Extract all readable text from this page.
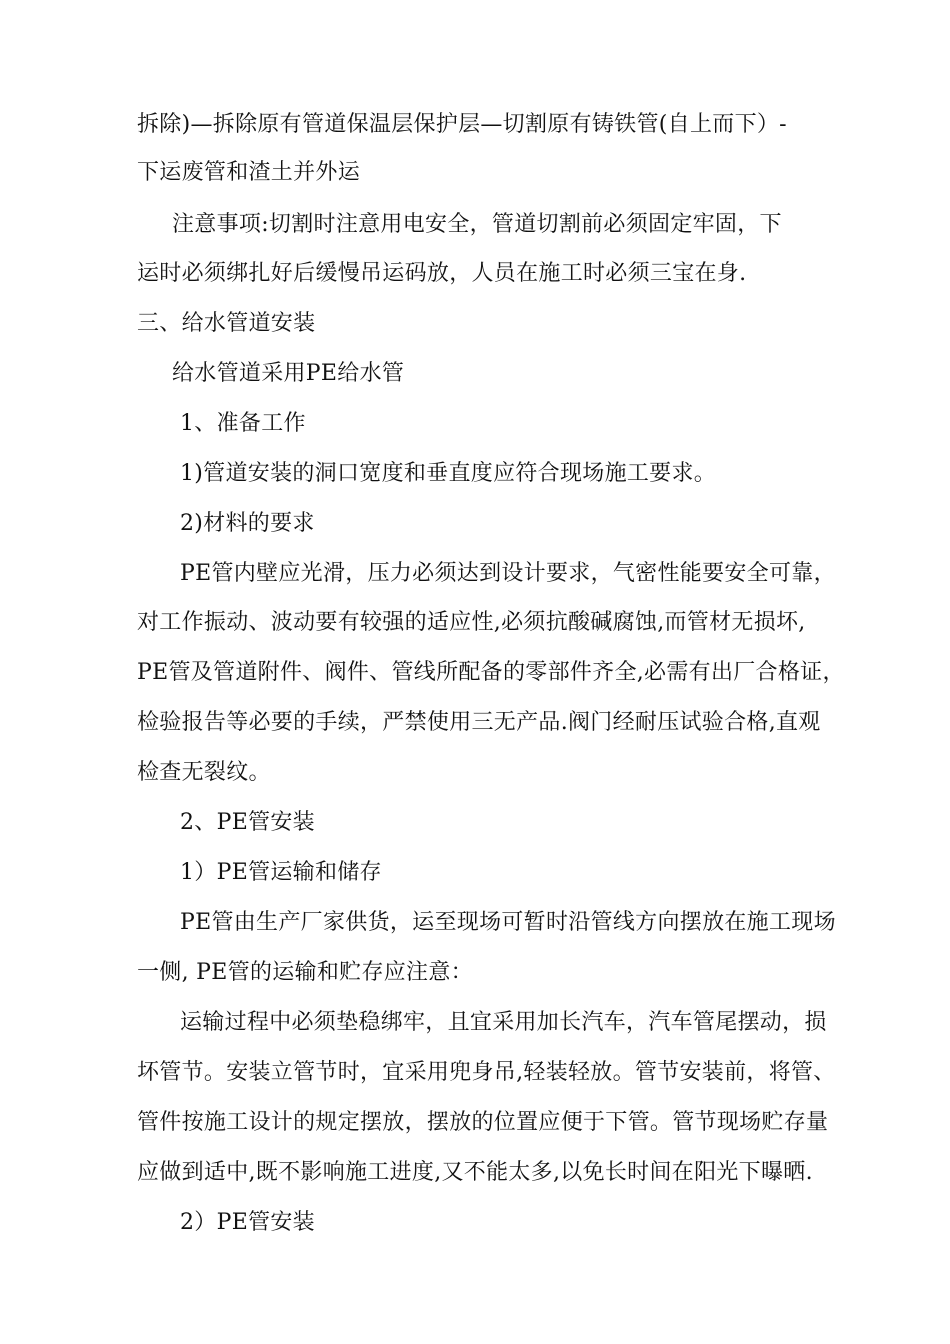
拆除)—拆除原有管道保温层保护层—切割原有铸铁管(自上而下）-
下运废管和渣土并外运
注意事项:切割时注意用电安全，管道切割前必须固定牢固，下
运时必须绑扎好后缓慢吊运码放，人员在施工时必须三宝在身.
三、给水管道安装
给水管道采用PE给水管
1、准备工作
1)管道安装的洞口宽度和垂直度应符合现场施工要求。
2)材料的要求
PE管内壁应光滑，压力必须达到设计要求，气密性能要安全可靠，
对工作振动、波动要有较强的适应性,必须抗酸碱腐蚀,而管材无损坏,
PE管及管道附件、阀件、管线所配备的零部件齐全,必需有出厂合格证，
检验报告等必要的手续，严禁使用三无产品.阀门经耐压试验合格,直观
检查无裂纹。
2、PE管安装
1）PE管运输和储存
PE管由生产厂家供货，运至现场可暂时沿管线方向摆放在施工现场
一侧, PE管的运输和贮存应注意：
运输过程中必须垫稳绑牢，且宜采用加长汽车，汽车管尾摆动，损
坏管节。安装立管节时，宜采用兜身吊,轻装轻放。管节安装前，将管、
管件按施工设计的规定摆放，摆放的位置应便于下管。管节现场贮存量
应做到适中,既不影响施工进度,又不能太多,以免长时间在阳光下曝晒.
2）PE管安装
